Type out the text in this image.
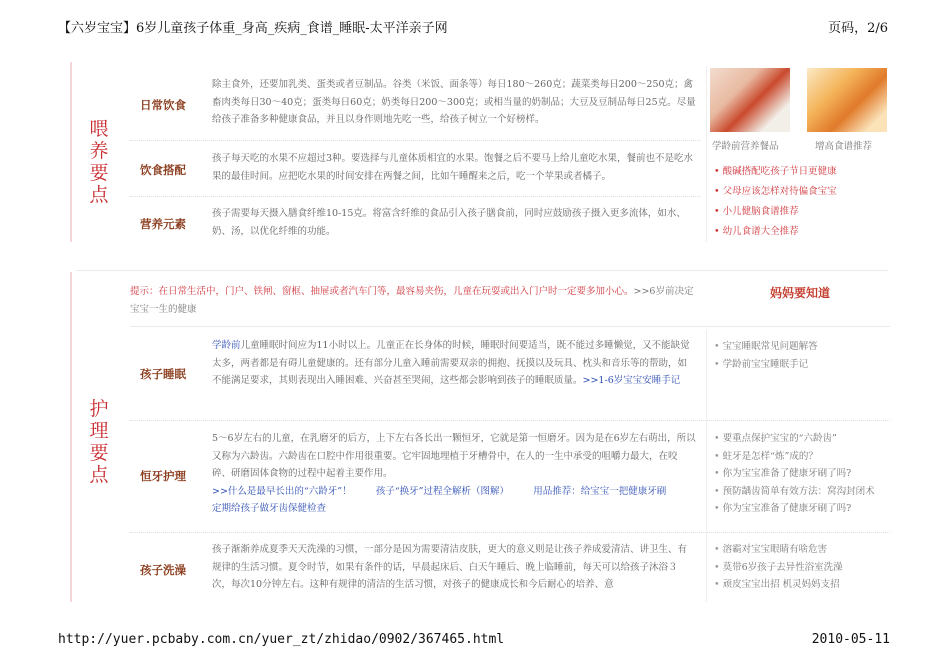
【六岁宝宝】6岁儿童孩子体重_身高_疾病_食谱_睡眠-太平洋亲子网	页码，2/6
喂
养
要
点
日常饮食
除主食外，还要加乳类、蛋类或者豆制品。谷类（米饭、面条等）每日180～260克；蔬菜类每日200～250克；禽畜肉类每日30～40克；蛋类每日60克；奶类每日200～300克；或相当量的奶制品；大豆及豆制品每日25克。尽量给孩子准备多种健康食品，并且以身作则地先吃一些，给孩子树立一个好榜样。
饮食搭配
孩子每天吃的水果不应超过3种。要选择与儿童体质相宜的水果。饱餐之后不要马上给儿童吃水果，餐前也不是吃水果的最佳时间。应把吃水果的时间安排在两餐之间，比如午睡醒来之后，吃一个苹果或者橘子。
营养元素
孩子需要每天摄入膳食纤维10-15克。将富含纤维的食品引入孩子膳食前，同时应鼓励孩子摄入更多流体，如水、奶、汤，以优化纤维的功能。
学龄前营养餐品	增高食谱推荐
• 酸碱搭配吃孩子节日更健康
• 父母应该怎样对待偏食宝宝
• 小儿健脑食谱推荐
• 幼儿食谱大全推荐
提示：在日常生活中，门户、铁闸、窗框、抽屉或者汽车门等，最容易夹伤，儿童在玩耍或出入门户时一定要多加小心。>>6岁前决定宝宝一生的健康
妈妈要知道
护
理
要
点
孩子睡眠
学龄前儿童睡眠时间应为11小时以上。儿童正在长身体的时候，睡眠时间要适当，既不能过多睡懒觉，又不能缺觉太多，两者都是有碍儿童健康的。还有部分儿童入睡前需要双亲的拥抱、抚摸以及玩具、枕头和音乐等的帮助，如不能满足要求，其则表现出入睡困难、兴奋甚至哭闹，这些都会影响到孩子的睡眠质量。>>1-6岁宝宝安睡手记
• 宝宝睡眠常见问题解答
• 学龄前宝宝睡眠手记
恒牙护理
5～6岁左右的儿童，在乳磨牙的后方，上下左右各长出一颗恒牙，它就是第一恒磨牙。因为是在6岁左右萌出，所以又称为六龄齿。六龄齿在口腔中作用很重要。它牢固地埋植于牙槽骨中，在人的一生中承受的咀嚼力最大，在咬碎、研磨固体食物的过程中起着主要作用。
>>什么是最早长出的“六龄牙”！	孩子“换牙”过程全解析（图解）	用品推荐：给宝宝一把健康牙刷        定期给孩子做牙齿保健检查
• 要重点保护宝宝的“六龄齿”
• 蛀牙是怎样“炼”成的？
• 你为宝宝准备了健康牙刷了吗?
• 预防龋齿简单有效方法：窝沟封闭术
• 你为宝宝准备了健康牙刷了吗?
孩子洗澡
孩子渐渐养成夏季天天洗澡的习惯，一部分是因为需要清洁皮肤，更大的意义则是让孩子养成爱清洁、讲卫生、有规律的生活习惯。夏令时节，如果有条件的话，早晨起床后、白天午睡后、晚上临睡前，每天可以给孩子沐浴３次，每次10分钟左右。这种有规律的清洁的生活习惯，对孩子的健康成长和今后耐心的培养、意
• 溶霸对宝宝眼睛有啥危害
• 莫带6岁孩子去异性浴室洗澡
• 顽皮宝宝出招 机灵妈妈支招
http://yuer.pcbaby.com.cn/yuer_zt/zhidao/0902/367465.html	2010-05-11
